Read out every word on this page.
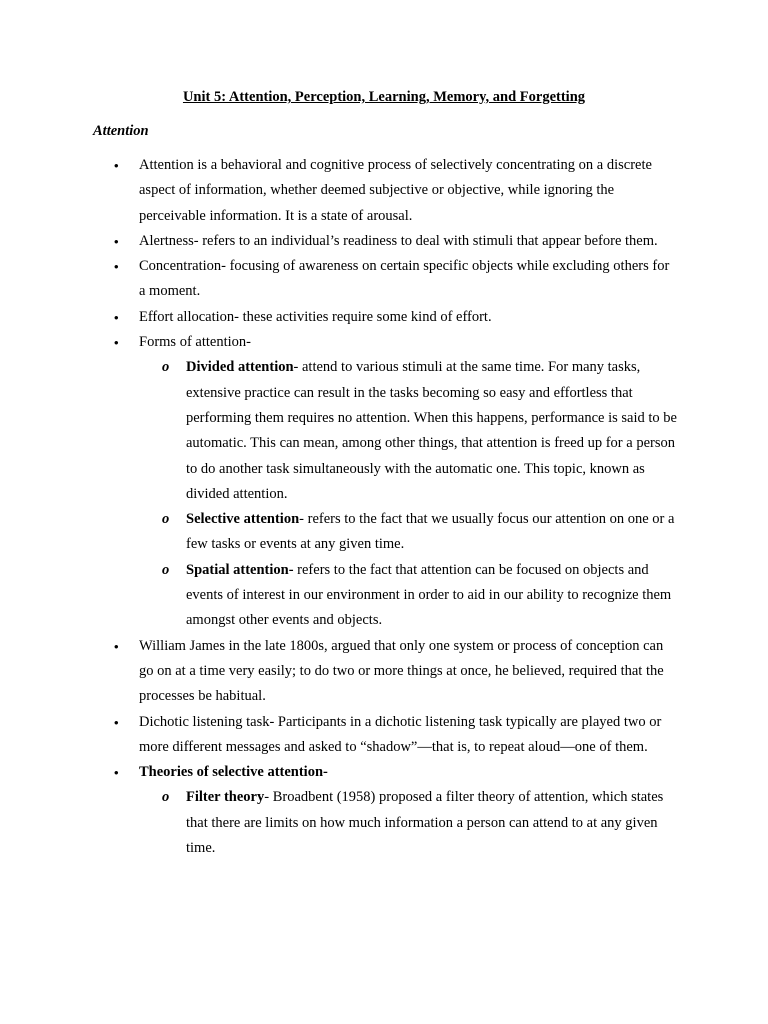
Unit 5: Attention, Perception, Learning, Memory, and Forgetting
Attention
• Attention is a behavioral and cognitive process of selectively concentrating on a discrete aspect of information, whether deemed subjective or objective, while ignoring the perceivable information. It is a state of arousal.
• Alertness- refers to an individual’s readiness to deal with stimuli that appear before them.
• Concentration- focusing of awareness on certain specific objects while excluding others for a moment.
• Effort allocation- these activities require some kind of effort.
• Forms of attention-
o Divided attention- attend to various stimuli at the same time. For many tasks, extensive practice can result in the tasks becoming so easy and effortless that performing them requires no attention. When this happens, performance is said to be automatic. This can mean, among other things, that attention is freed up for a person to do another task simultaneously with the automatic one. This topic, known as divided attention.
o Selective attention- refers to the fact that we usually focus our attention on one or a few tasks or events at any given time.
o Spatial attention- refers to the fact that attention can be focused on objects and events of interest in our environment in order to aid in our ability to recognize them amongst other events and objects.
• William James in the late 1800s, argued that only one system or process of conception can go on at a time very easily; to do two or more things at once, he believed, required that the processes be habitual.
• Dichotic listening task- Participants in a dichotic listening task typically are played two or more different messages and asked to “shadow”—that is, to repeat aloud—one of them.
• Theories of selective attention-
o Filter theory- Broadbent (1958) proposed a filter theory of attention, which states that there are limits on how much information a person can attend to at any given time.
